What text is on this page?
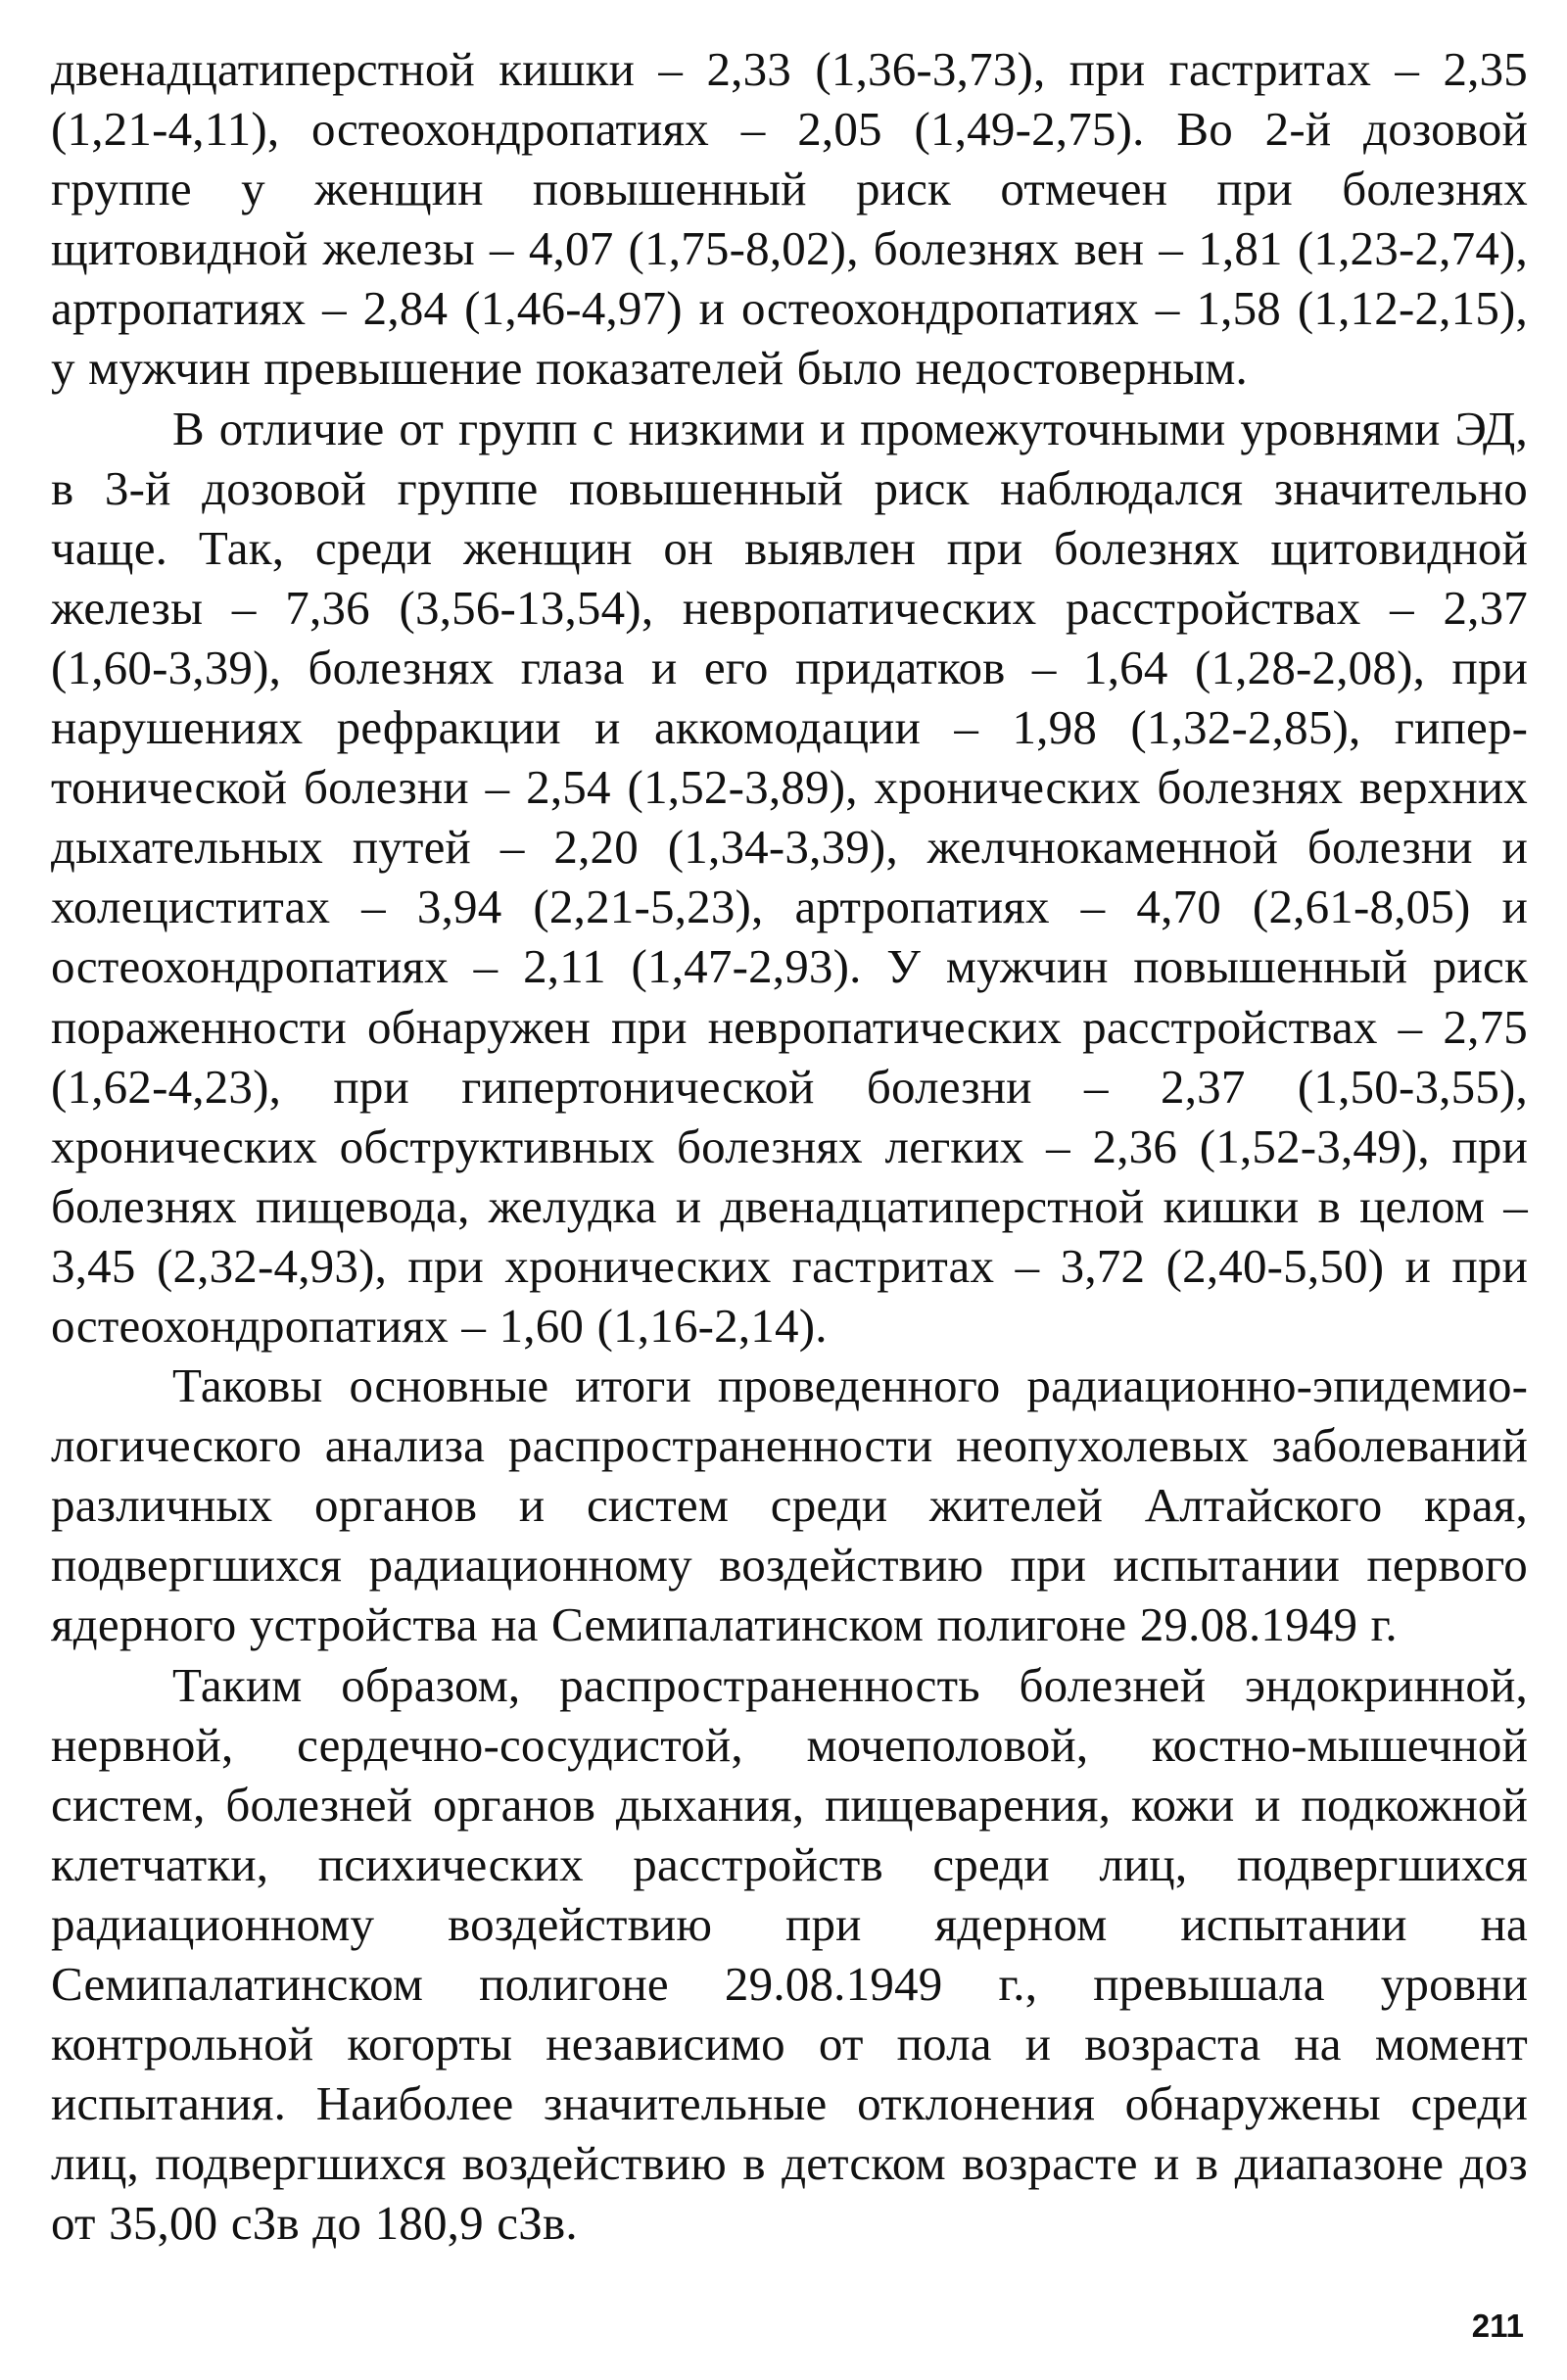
двенадцатиперстной кишки – 2,33 (1,36-3,73), при гастритах – 2,35 (1,21-4,11), остеохондропатиях – 2,05 (1,49-2,75). Во 2-й дозовой группе у женщин повышенный риск отмечен при болезнях щитовидной железы – 4,07 (1,75-8,02), болезнях вен – 1,81 (1,23-2,74), артропатиях – 2,84 (1,46-4,97) и остеохондропатиях – 1,58 (1,12-2,15), у мужчин превышение показателей было недостоверным.

В отличие от групп с низкими и промежуточными уровнями ЭД, в 3-й дозовой группе повышенный риск наблюдался значительно чаще. Так, среди женщин он выявлен при болезнях щитовидной железы – 7,36 (3,56-13,54), невропатических расстройствах – 2,37 (1,60-3,39), болезнях глаза и его придатков – 1,64 (1,28-2,08), при нарушениях рефракции и аккомодации – 1,98 (1,32-2,85), гипертонической болезни – 2,54 (1,52-3,89), хронических болезнях верхних дыхательных путей – 2,20 (1,34-3,39), желчнокаменной болезни и холециститах – 3,94 (2,21-5,23), артропатиях – 4,70 (2,61-8,05) и остеохондропатиях – 2,11 (1,47-2,93). У мужчин повышенный риск пораженности обнаружен при невропатических расстройствах – 2,75 (1,62-4,23), при гипертонической болезни – 2,37 (1,50-3,55), хронических обструктивных болезнях легких – 2,36 (1,52-3,49), при болезнях пищевода, желудка и двенадцатиперстной кишки в целом – 3,45 (2,32-4,93), при хронических гастритах – 3,72 (2,40-5,50) и при остеохондропатиях – 1,60 (1,16-2,14).

Таковы основные итоги проведенного радиационно-эпидемиологического анализа распространенности неопухолевых заболеваний различных органов и систем среди жителей Алтайского края, подвергшихся радиационному воздействию при испытании первого ядерного устройства на Семипалатинском полигоне 29.08.1949 г.

Таким образом, распространенность болезней эндокринной, нервной, сердечно-сосудистой, мочеполовой, костно-мышечной систем, болезней органов дыхания, пищеварения, кожи и подкожной клетчатки, психических расстройств среди лиц, подвергшихся радиационному воздействию при ядерном испытании на Семипалатинском полигоне 29.08.1949 г., превышала уровни контрольной когорты независимо от пола и возраста на момент испытания. Наиболее значительные отклонения обнаружены среди лиц, подвергшихся воздействию в детском возрасте и в диапазоне доз от 35,00 сЗв до 180,9 сЗв.

211
